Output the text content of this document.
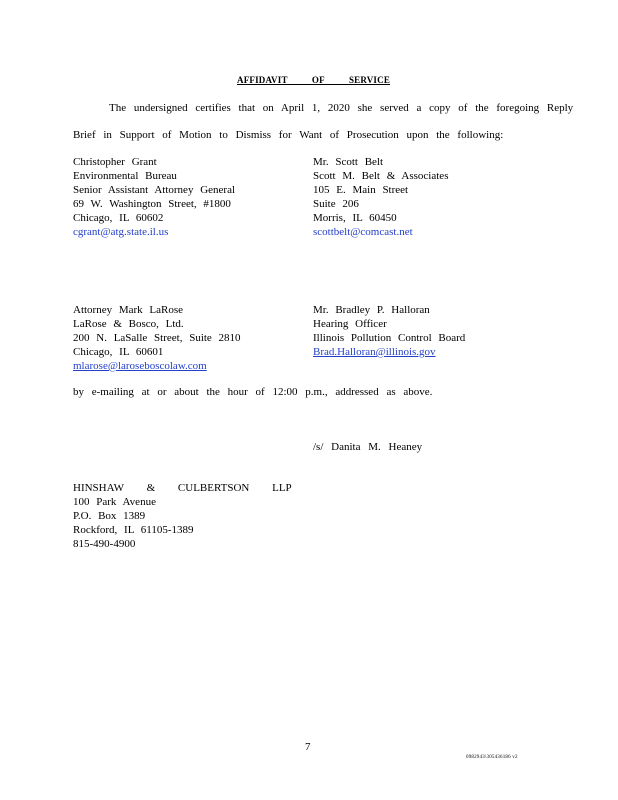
AFFIDAVIT OF SERVICE
The undersigned certifies that on April 1, 2020 she served a copy of the foregoing Reply
Brief in Support of Motion to Dismiss for Want of Prosecution upon the following:
Christopher Grant
Environmental Bureau
Senior Assistant Attorney General
69 W. Washington Street, #1800
Chicago, IL 60602
cgrant@atg.state.il.us
Mr. Scott Belt
Scott M. Belt & Associates
105 E. Main Street
Suite 206
Morris, IL 60450
scottbelt@comcast.net
Attorney Mark LaRose
LaRose & Bosco, Ltd.
200 N. LaSalle Street, Suite 2810
Chicago, IL 60601
mlarose@laroseboscolaw.com
Mr. Bradley P. Halloran
Hearing Officer
Illinois Pollution Control Board
Brad.Halloran@illinois.gov
by e-mailing at or about the hour of 12:00 p.m., addressed as above.
/s/ Danita M. Heaney
HINSHAW & CULBERTSON LLP
100 Park Avenue
P.O. Box 1389
Rockford, IL 61105-1389
815-490-4900
7
0982943\305436186 v2
